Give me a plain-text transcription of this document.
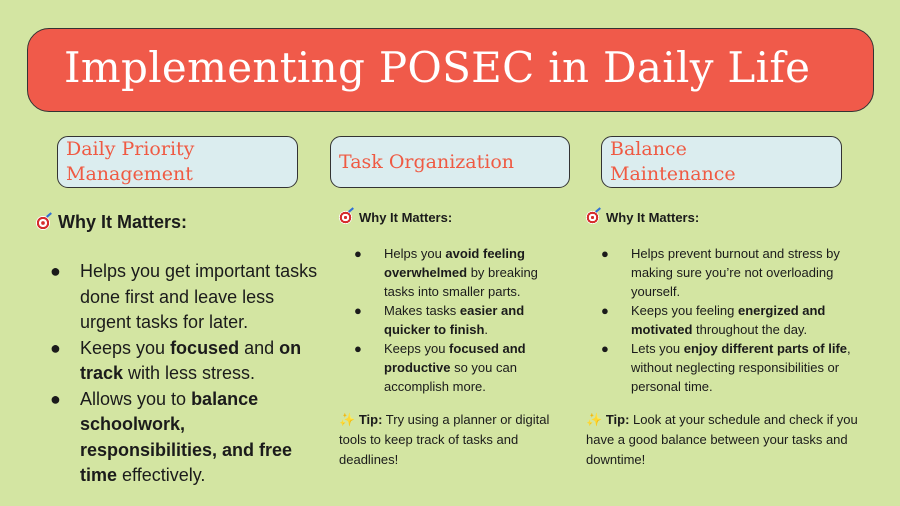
Implementing POSEC in Daily Life
Daily Priority
Management
Task Organization
Balance
Maintenance
Why It Matters:
● Helps you get important tasks done first and leave less urgent tasks for later.
● Keeps you focused and on track with less stress.
● Allows you to balance schoolwork, responsibilities, and free time effectively.
Why It Matters:
● Helps you avoid feeling overwhelmed by breaking tasks into smaller parts.
● Makes tasks easier and quicker to finish.
● Keeps you focused and productive so you can accomplish more.
✨ Tip: Try using a planner or digital tools to keep track of tasks and deadlines!
Why It Matters:
● Helps prevent burnout and stress by making sure you’re not overloading yourself.
● Keeps you feeling energized and motivated throughout the day.
● Lets you enjoy different parts of life, without neglecting responsibilities or personal time.
✨ Tip: Look at your schedule and check if you have a good balance between your tasks and downtime!
